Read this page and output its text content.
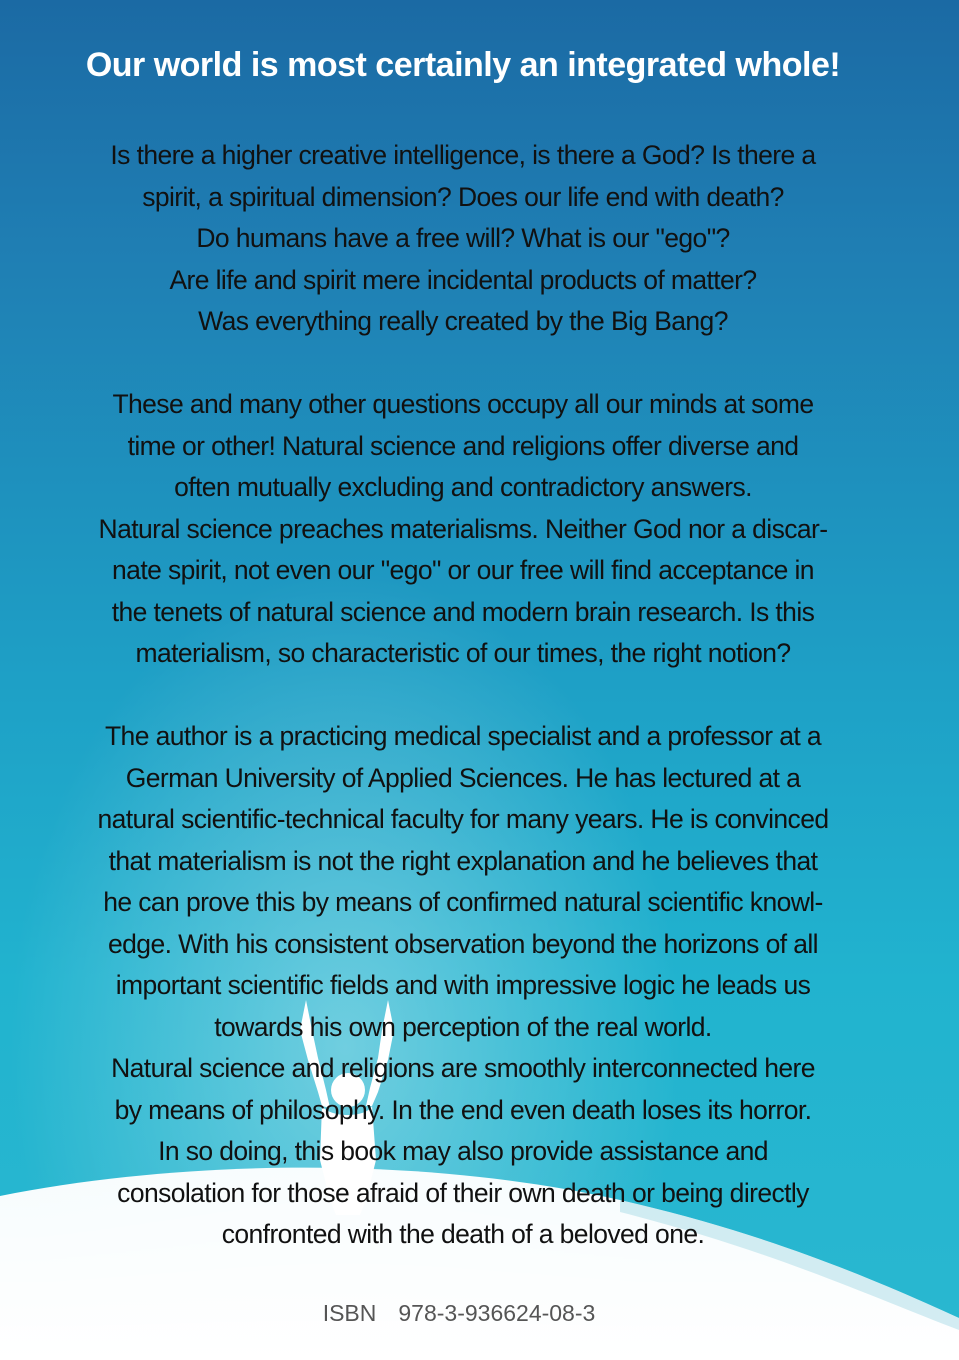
Our world is most certainly an integrated whole!
Is there a higher creative intelligence, is there a God? Is there a
spirit, a spiritual dimension? Does our life end with death?
Do humans have a free will? What is our "ego"?
Are life and spirit mere incidental products of matter?
Was everything really created by the Big Bang?
These and many other questions occupy all our minds at some
time or other! Natural science and religions offer diverse and
often mutually excluding and contradictory answers.
Natural science preaches materialisms. Neither God nor a discar-
nate spirit, not even our "ego" or our free will find acceptance in
the tenets of natural science and modern brain research. Is this
materialism, so characteristic of our times, the right notion?
The author is a practicing medical specialist and a professor at a
German University of Applied Sciences. He has lectured at a
natural scientific-technical faculty for many years. He is convinced
that materialism is not the right explanation and he believes that
he can prove this by means of confirmed natural scientific knowl-
edge. With his consistent observation beyond the horizons of all
important scientific fields and with impressive logic he leads us
towards his own perception of the real world.
Natural science and religions are smoothly interconnected here
by means of philosophy. In the end even death loses its horror.
In so doing, this book may also provide assistance and
consolation for those afraid of their own death or being directly
confronted with the death of a beloved one.
ISBN 978-3-936624-08-3
